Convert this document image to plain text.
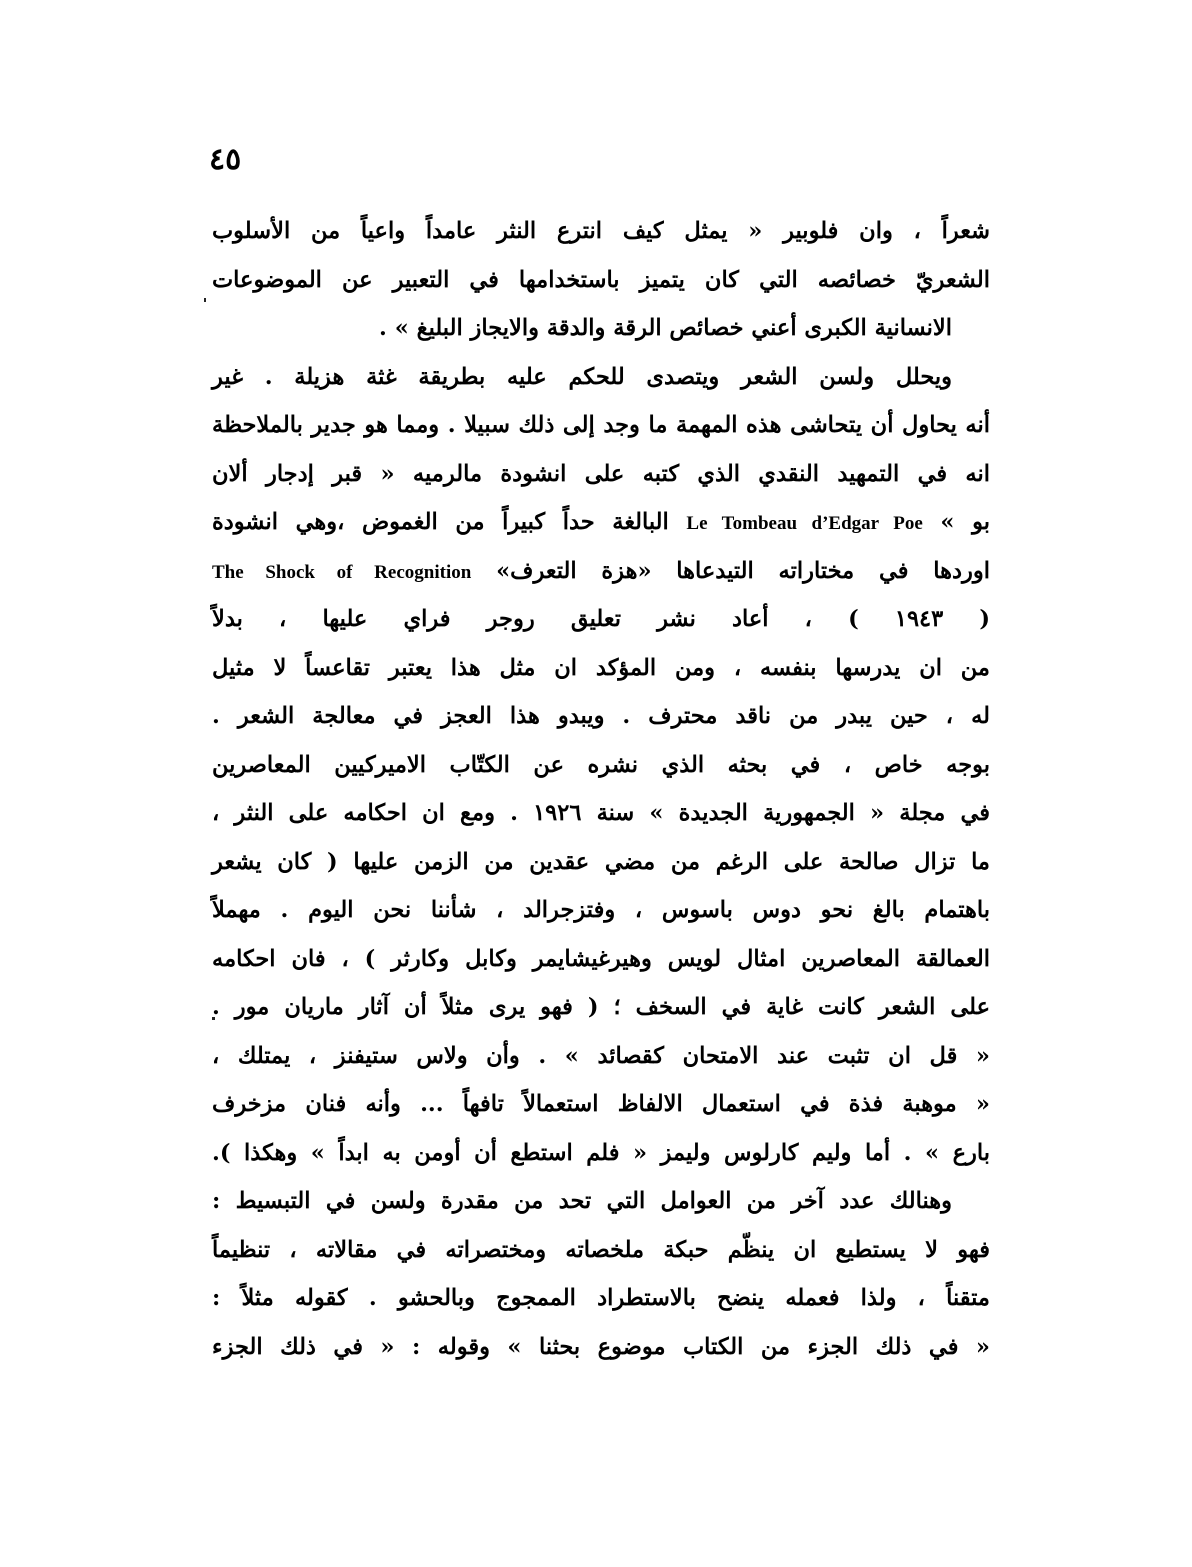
٤٥
شعراً ، وان فلوبير « يمثل كيف انترع النثر عامداً واعياً من الأسلوب
الشعريّ خصائصه التي كان يتميز باستخدامها في التعبير عن الموضوعات
الانسانية الكبرى أعني خصائص الرقة والدقة والايجاز البليغ » .
ويحلل ولسن الشعر ويتصدى للحكم عليه بطريقة غثة هزيلة . غير
أنه يحاول أن يتحاشى هذه المهمة ما وجد إلى ذلك سبيلا . ومما هو جدير بالملاحظة
انه في التمهيد النقدي الذي كتبه على انشودة مالرميه « قبر إدجار ألان
بو » Le Tombeau d’Edgar Poe البالغة حداً كبيراً من الغموض ،وهي انشودة
اوردها في مختاراته التيدعاها «هزة التعرف» The Shock of Recognition
( ١٩٤٣ ) ، أعاد نشر تعليق روجر فراي عليها ، بدلاً
من ان يدرسها بنفسه ، ومن المؤكد ان مثل هذا يعتبر تقاعساً لا مثيل
له ، حين يبدر من ناقد محترف . ويبدو هذا العجز في معالجة الشعر .
بوجه خاص ، في بحثه الذي نشره عن الكتّاب الاميركيين المعاصرين
في مجلة « الجمهورية الجديدة » سنة ١٩٢٦ . ومع ان احكامه على النثر ،
ما تزال صالحة على الرغم من مضي عقدين من الزمن عليها ( كان يشعر
باهتمام بالغ نحو دوس باسوس ، وفتزجرالد ، شأننا نحن اليوم . مهملاً
العمالقة المعاصرين امثال لويس وهيرغيشايمر وكابل وكارثر ) ، فان احكامه
على الشعر كانت غاية في السخف ؛ ( فهو يرى مثلاً أن آثار ماريان مور .
« قل ان تثبت عند الامتحان كقصائد » . وأن ولاس ستيفنز ، يمتلك ،
« موهبة فذة في استعمال الالفاظ استعمالاً تافهاً ... وأنه فنان مزخرف
بارع » . أما وليم كارلوس وليمز « فلم استطع أن أومن به ابداً » وهكذا ).
وهنالك عدد آخر من العوامل التي تحد من مقدرة ولسن في التبسيط :
فهو لا يستطيع ان ينظّم حبكة ملخصاته ومختصراته في مقالاته ، تنظيماً
متقناً ، ولذا فعمله ينضح بالاستطراد الممجوج وبالحشو . كقوله مثلاً :
« في ذلك الجزء من الكتاب موضوع بحثنا » وقوله : « في ذلك الجزء
